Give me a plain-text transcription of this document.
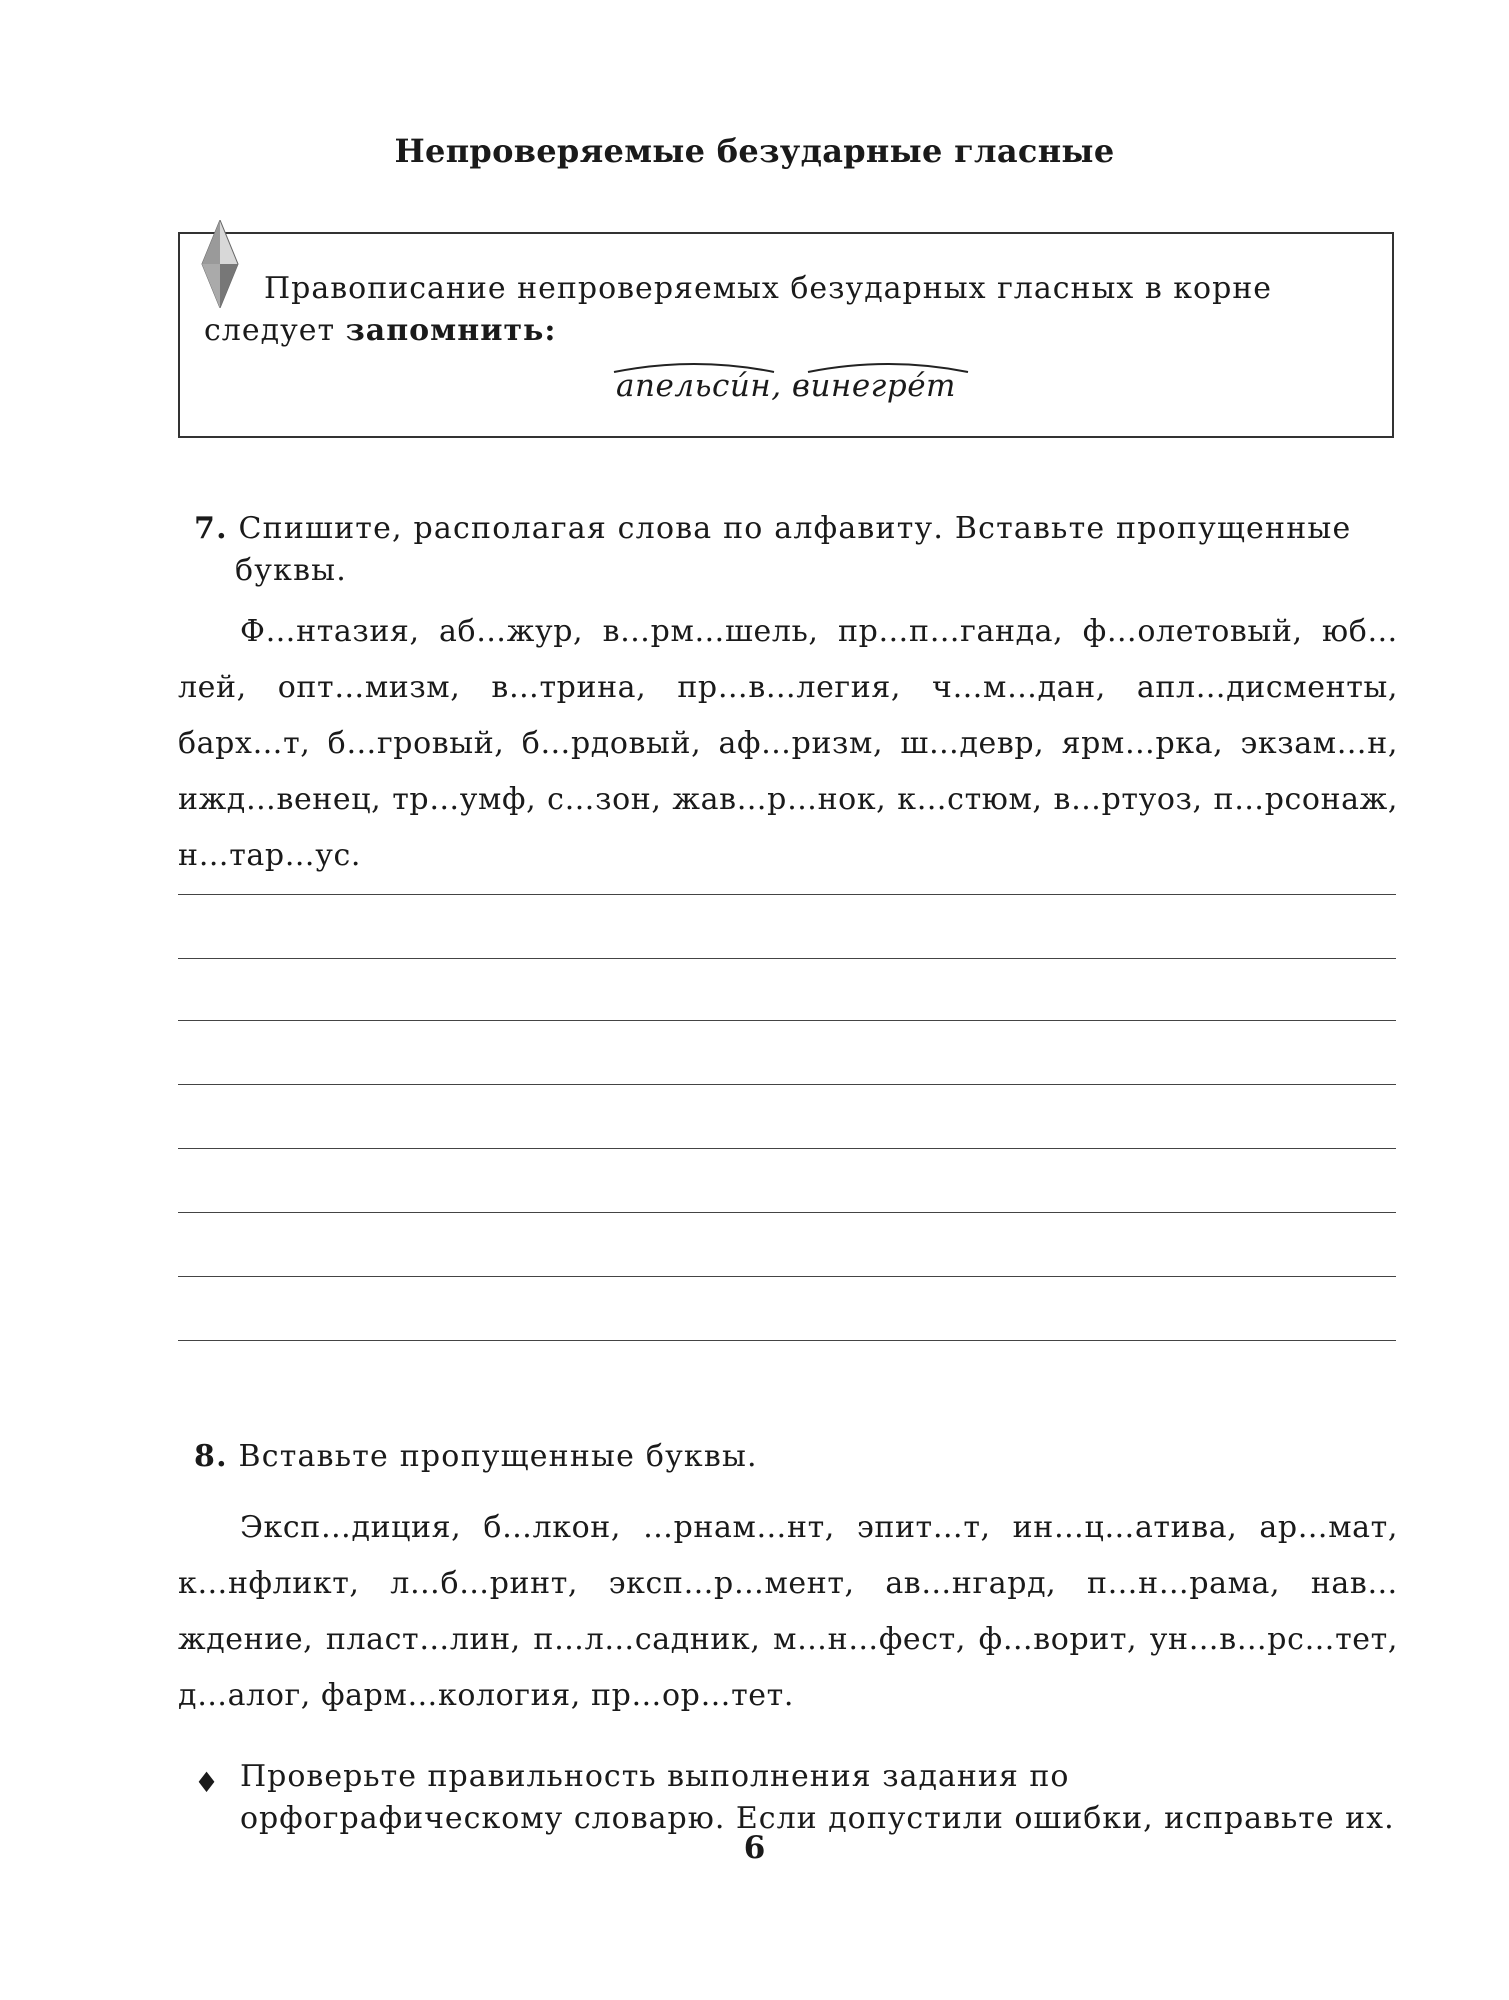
Непроверяемые безударные гласные

Правописание непроверяемых безударных гласных в корне следует запомнить:

апельсúн, винегрéт

7. Спишите, располагая слова по алфавиту. Вставьте пропущенные
буквы.

Ф…нтазия, аб…жур, в…рм…шель, пр…п…ганда, ф…олетовый, юб…лей, опт…мизм, в…трина, пр…в…легия, ч…м…дан, апл…дисменты, барх…т, б…гровый, б…рдовый, аф…ризм, ш…девр, ярм…рка, экзам…н, ижд…венец, тр…умф, с…зон, жав…р…нок, к…стюм, в…ртуоз, п…рсонаж, н…тар…ус.

8. Вставьте пропущенные буквы.

Эксп…диция, б…лкон, …рнам…нт, эпит…т, ин…ц…атива, ар…мат, к…нфликт, л…б…ринт, эксп…р…мент, ав…нгард, п…н…рама, нав…ждение, пласт…лин, п…л…садник, м…н…фест, ф…ворит, ун…в…рс…тет, д…алог, фарм…кология, пр…ор…тет.

♦ Проверьте правильность выполнения задания по орфографическому словарю. Если допустили ошибки, исправьте их.

6
